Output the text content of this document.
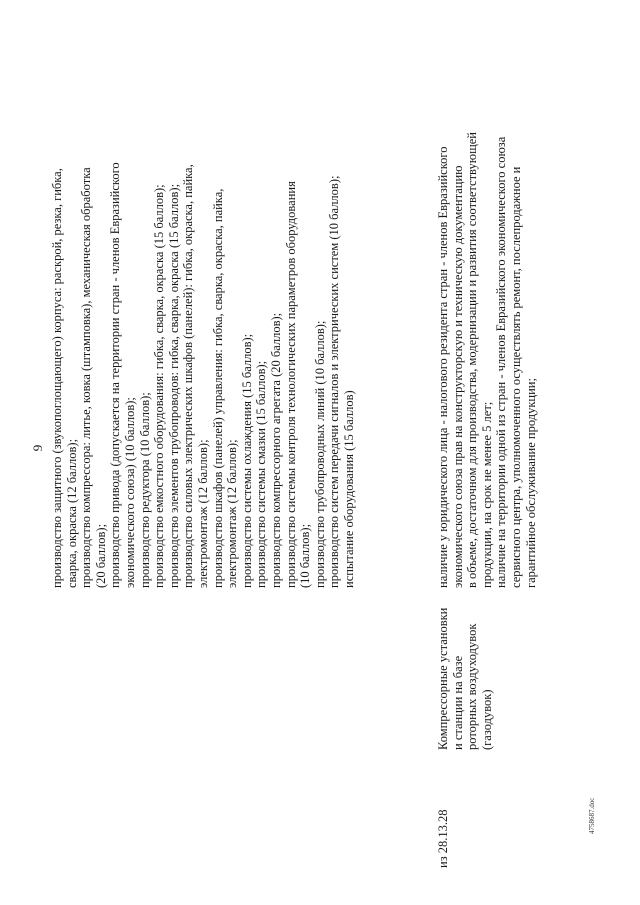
9 производство защитного (звукопоглощающего) корпуса: раскрой, резка, гибка, сварка, окраска (12 баллов); производство компрессора: литье, ковка (штамповка), механическая обработка (20 баллов); производство привода (допускается на территории стран - членов Евразийского экономического союза) (10 баллов); производство редуктора (10 баллов); производство емкостного оборудования: гибка, сварка, окраска (15 баллов); производство элементов трубопроводов: гибка, сварка, окраска (15 баллов); производство силовых электрических шкафов (панелей): гибка, окраска, пайка, электромонтаж (12 баллов); производство шкафов (панелей) управления: гибка, сварка, окраска, пайка, электромонтаж (12 баллов); производство системы охлаждения (15 баллов); производство системы смазки (15 баллов); производство компрессорного агрегата (20 баллов); производство системы контроля технологических параметров оборудования (10 баллов); производство трубопроводных линий (10 баллов); производство систем передачи сигналов и электрических систем (10 баллов); испытание оборудования (15 баллов)
из 28.13.28
Компрессорные установки и станции на базе роторных воздуходувок (газодувок)
наличие у юридического лица - налогового резидента стран - членов Евразийского экономического союза прав на конструкторскую и техническую документацию в объеме, достаточном для производства, модернизации и развития соответствующей продукции, на срок не менее 5 лет; наличие на территории одной из стран - членов Евразийского экономического союза сервисного центра, уполномоченного осуществлять ремонт, послепродажное и гарантийное обслуживание продукции;
4758687.doc
